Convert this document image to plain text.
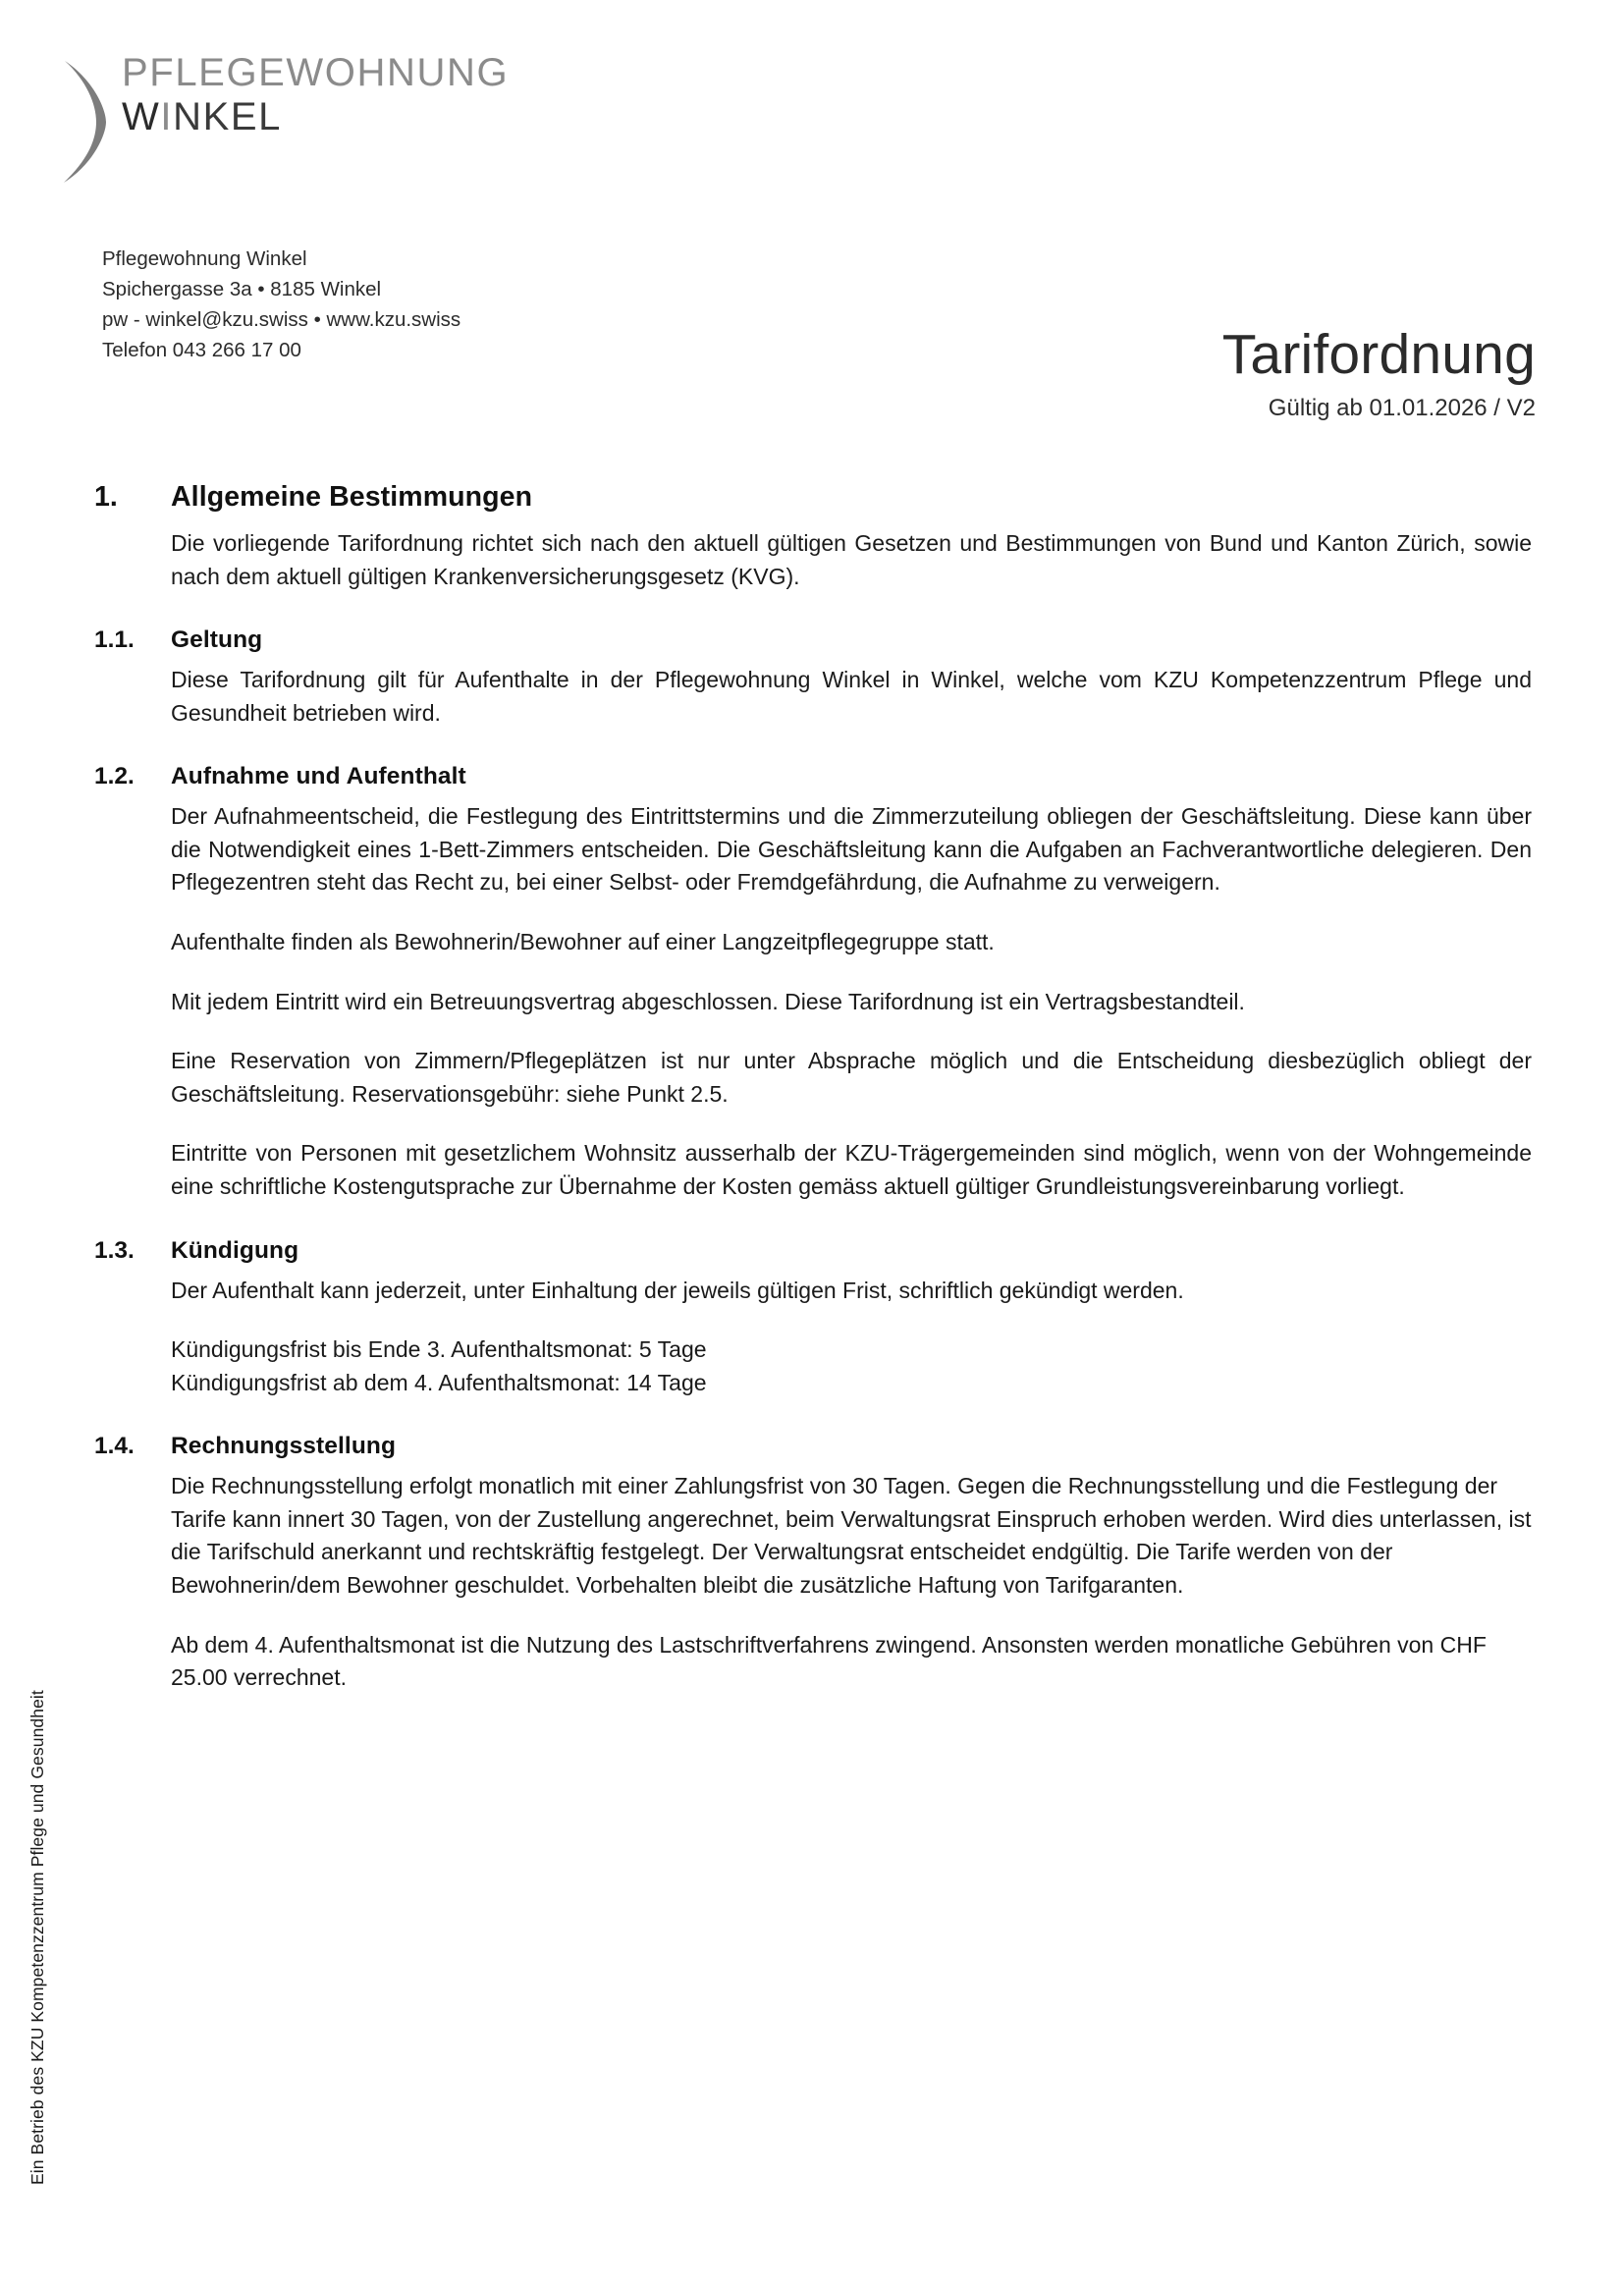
Ein Betrieb des KZU Kompetenzzentrum Pflege und Gesundheit
PFLEGEWOHNUNG
WINKEL
Pflegewohnung Winkel
Spichergasse 3a • 8185 Winkel
pw - winkel@kzu.swiss • www.kzu.swiss
Telefon 043 266 17 00	Tarifordnung
Gültig ab 01.01.2026 / V2
1.	Allgemeine Bestimmungen

Die vorliegende Tarifordnung richtet sich nach den aktuell gültigen Gesetzen und Bestimmungen von Bund und Kanton Zürich, sowie nach dem aktuell gültigen Krankenversicherungsgesetz (KVG).

1.1.	Geltung

Diese Tarifordnung gilt für Aufenthalte in der Pflegewohnung Winkel in Winkel, welche vom KZU Kompetenzzentrum Pflege und Gesundheit betrieben wird.

1.2.	Aufnahme und Aufenthalt

Der Aufnahmeentscheid, die Festlegung des Eintrittstermins und die Zimmerzuteilung obliegen der Geschäftsleitung. Diese kann über die Notwendigkeit eines 1-Bett-Zimmers entscheiden. Die Geschäftsleitung kann die Aufgaben an Fachverantwortliche delegieren. Den Pflegezentren steht das Recht zu, bei einer Selbst- oder Fremdgefährdung, die Aufnahme zu verweigern.

Aufenthalte finden als Bewohnerin/Bewohner auf einer Langzeitpflegegruppe statt.

Mit jedem Eintritt wird ein Betreuungsvertrag abgeschlossen. Diese Tarifordnung ist ein Vertragsbestandteil.

Eine Reservation von Zimmern/Pflegeplätzen ist nur unter Absprache möglich und die Entscheidung diesbezüglich obliegt der Geschäftsleitung. Reservationsgebühr: siehe Punkt 2.5.

Eintritte von Personen mit gesetzlichem Wohnsitz ausserhalb der KZU-Trägergemeinden sind möglich, wenn von der Wohngemeinde eine schriftliche Kostengutsprache zur Übernahme der Kosten gemäss aktuell gültiger Grundleistungsvereinbarung vorliegt.

1.3.	Kündigung

Der Aufenthalt kann jederzeit, unter Einhaltung der jeweils gültigen Frist, schriftlich gekündigt werden.

Kündigungsfrist bis Ende 3. Aufenthaltsmonat: 5 Tage
Kündigungsfrist ab dem 4. Aufenthaltsmonat: 14 Tage
1.4.	Rechnungsstellung

Die Rechnungsstellung erfolgt monatlich mit einer Zahlungsfrist von 30 Tagen. Gegen die Rechnungsstellung und die Festlegung der Tarife kann innert 30 Tagen, von der Zustellung angerechnet, beim Verwaltungsrat Einspruch erhoben werden. Wird dies unterlassen, ist die Tarifschuld anerkannt und rechtskräftig festgelegt. Der Verwaltungsrat entscheidet endgültig. Die Tarife werden von der Bewohnerin/dem Bewohner geschuldet. Vorbehalten bleibt die zusätzliche Haftung von Tarifgaranten.

Ab dem 4. Aufenthaltsmonat ist die Nutzung des Lastschriftverfahrens zwingend. Ansonsten werden monatliche Gebühren von CHF 25.00 verrechnet.
